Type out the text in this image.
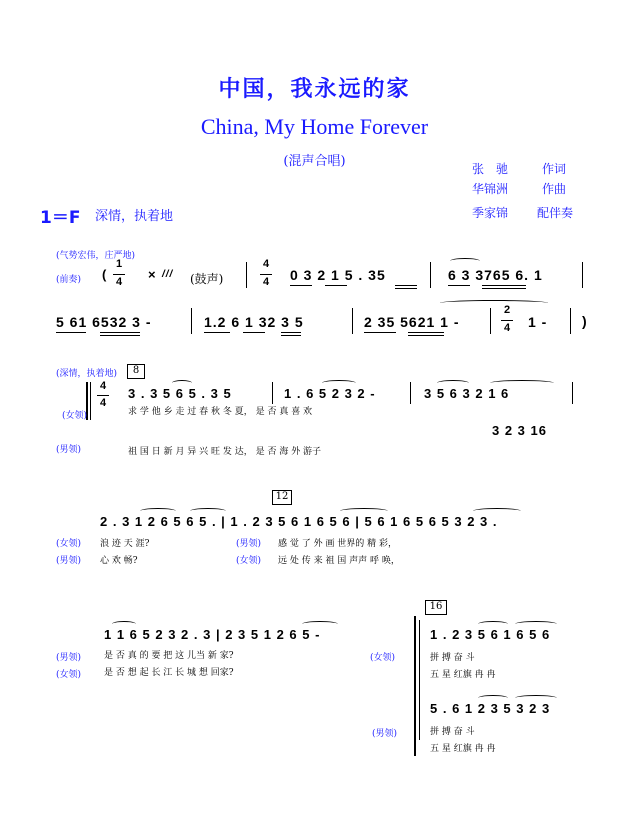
中国，我永远的家
China, My Home Forever
(混声合唱)	张　驰	作词
华锦洲	作曲
季家锦 配伴奏
1＝F 深情，执着地
(气势宏伟，庄严地)
(前奏) (
1
4	× /// (鼓声)
4
4 0 3 2 1 5 . 35	6 3 3765 6. 1
5 61 6532 3 -	1.2 6 1 32 3 5	2 35 5621 1 -
2
4 1 - )
(深情，执着地)	8
4
4
3 . 3 5 6 5 . 3 5	1 . 6 5 2 3 2 -	3 5 6 3 2 1 6
(女领)	求 学 他 乡 走 过 春 秋 冬 夏， 是 否 真 喜 欢
3 2 3 16
(男领)	祖 国 日 新 月 异 兴 旺 发 达， 是 否 海 外 游子
12
2 . 3 1 2 6 5 6 5 . | 1 . 2 3 5 6 1 6 5 6 | 5 6 1 6 5 6 5 3 2 3 .
(女领) 浪 迹 天 涯?	(男领) 感 觉 了 外 画 世界的 精 彩，
(男领) 心 欢 畅?	(女领) 远 处 传 来 祖 国 声声 呼 唤，
1 1 6 5 2 3 2 . 3 | 2 3 5 1 2 6 5 -
(男领)	是 否 真 的 要 把 这 儿当 新 家?	(女领)
(女领)	是 否 想 起 长 江 长 城 想 回家?
16
1 . 2 3 5 6 1 6 5 6
拼 搏 奋 斗
五 星 红旗 冉 冉
5 . 6 1 2 3 5 3 2 3
(男领)	拼 搏 奋 斗
五 星 红旗 冉 冉
